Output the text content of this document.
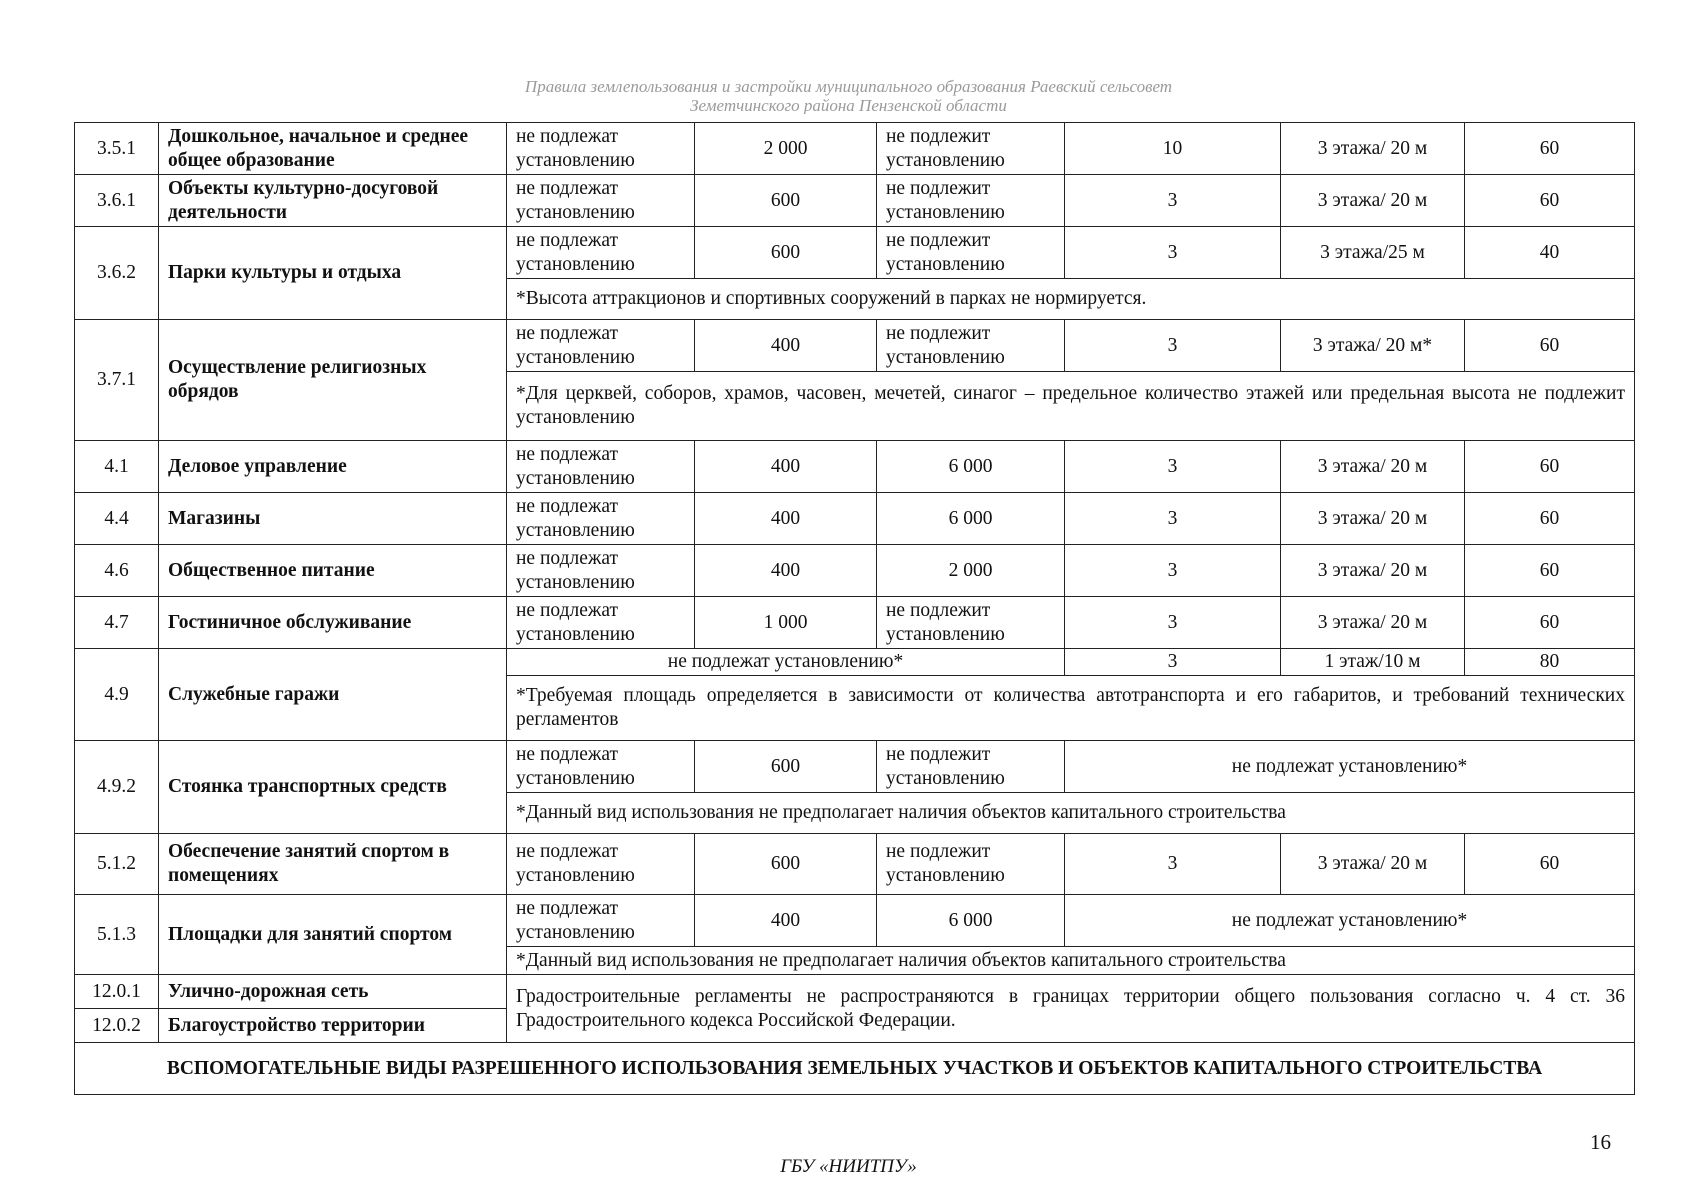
Правила землепользования и застройки муниципального образования Раевский сельсовет
Земетчинского района Пензенской области
3.5.1	Дошкольное, начальное и среднее общее образование	не подлежат установлению	2 000	не подлежит установлению	10	3 этажа/ 20 м	60
3.6.1	Объекты культурно-досуговой деятельности	не подлежат установлению	600	не подлежит установлению	3	3 этажа/ 20 м	60
3.6.2	Парки культуры и отдыха	не подлежат установлению	600	не подлежит установлению	3	3 этажа/25 м	40
		*Высота аттракционов и спортивных сооружений в парках не нормируется.					
3.7.1	Осуществление религиозных обрядов	не подлежат установлению	400	не подлежит установлению	3	3 этажа/ 20 м*	60
		*Для церквей, соборов, храмов, часовен, мечетей, синагог – предельное количество этажей или предельная высота не подлежит установлению					
4.1	Деловое управление	не подлежат установлению	400	6 000	3	3 этажа/ 20 м	60
4.4	Магазины	не подлежат установлению	400	6 000	3	3 этажа/ 20 м	60
4.6	Общественное питание	не подлежат установлению	400	2 000	3	3 этажа/ 20 м	60
4.7	Гостиничное обслуживание	не подлежат установлению	1 000	не подлежит установлению	3	3 этажа/ 20 м	60
4.9	Служебные гаражи	не подлежат установлению*			3	1 этаж/10 м	80
		*Требуемая площадь определяется в зависимости от количества автотранспорта и его габаритов, и требований технических регламентов					
4.9.2	Стоянка транспортных средств	не подлежат установлению	600	не подлежит установлению	не подлежат установлению*		
		*Данный вид использования не предполагает наличия объектов капитального строительства					
5.1.2	Обеспечение занятий спортом в помещениях	не подлежат установлению	600	не подлежит установлению	3	3 этажа/ 20 м	60
5.1.3	Площадки для занятий спортом	не подлежат установлению	400	6 000	не подлежат установлению*		
		*Данный вид использования не предполагает наличия объектов капитального строительства					
12.0.1	Улично-дорожная сеть	Градостроительные регламенты не распространяются в границах территории общего пользования согласно ч. 4 ст. 36 Градостроительного кодекса Российской Федерации.					
12.0.2	Благоустройство территории						
ВСПОМОГАТЕЛЬНЫЕ ВИДЫ РАЗРЕШЕННОГО ИСПОЛЬЗОВАНИЯ ЗЕМЕЛЬНЫХ УЧАСТКОВ И ОБЪЕКТОВ КАПИТАЛЬНОГО СТРОИТЕЛЬСТВА							
16
ГБУ «НИИТПУ»
